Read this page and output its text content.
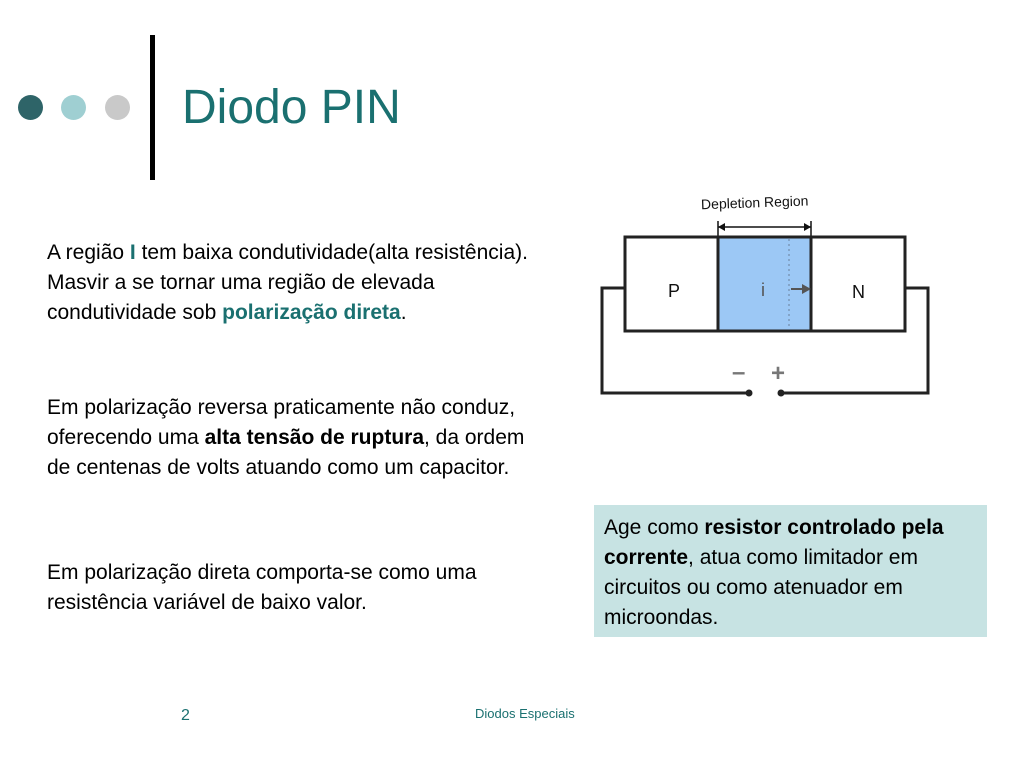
Diodo PIN
A região I tem baixa condutividade(alta resistência). Masvir a se tornar uma região de elevada condutividade sob polarização direta.
Em polarização reversa praticamente não conduz, oferecendo uma alta tensão de ruptura, da ordem de centenas de volts atuando como um capacitor.
Em polarização direta comporta-se como uma resistência variável de baixo valor.
Depletion Region
P	i	N
– +
Age como resistor controlado pela corrente, atua como limitador em circuitos ou como atenuador em microondas.
2	Diodos Especiais
